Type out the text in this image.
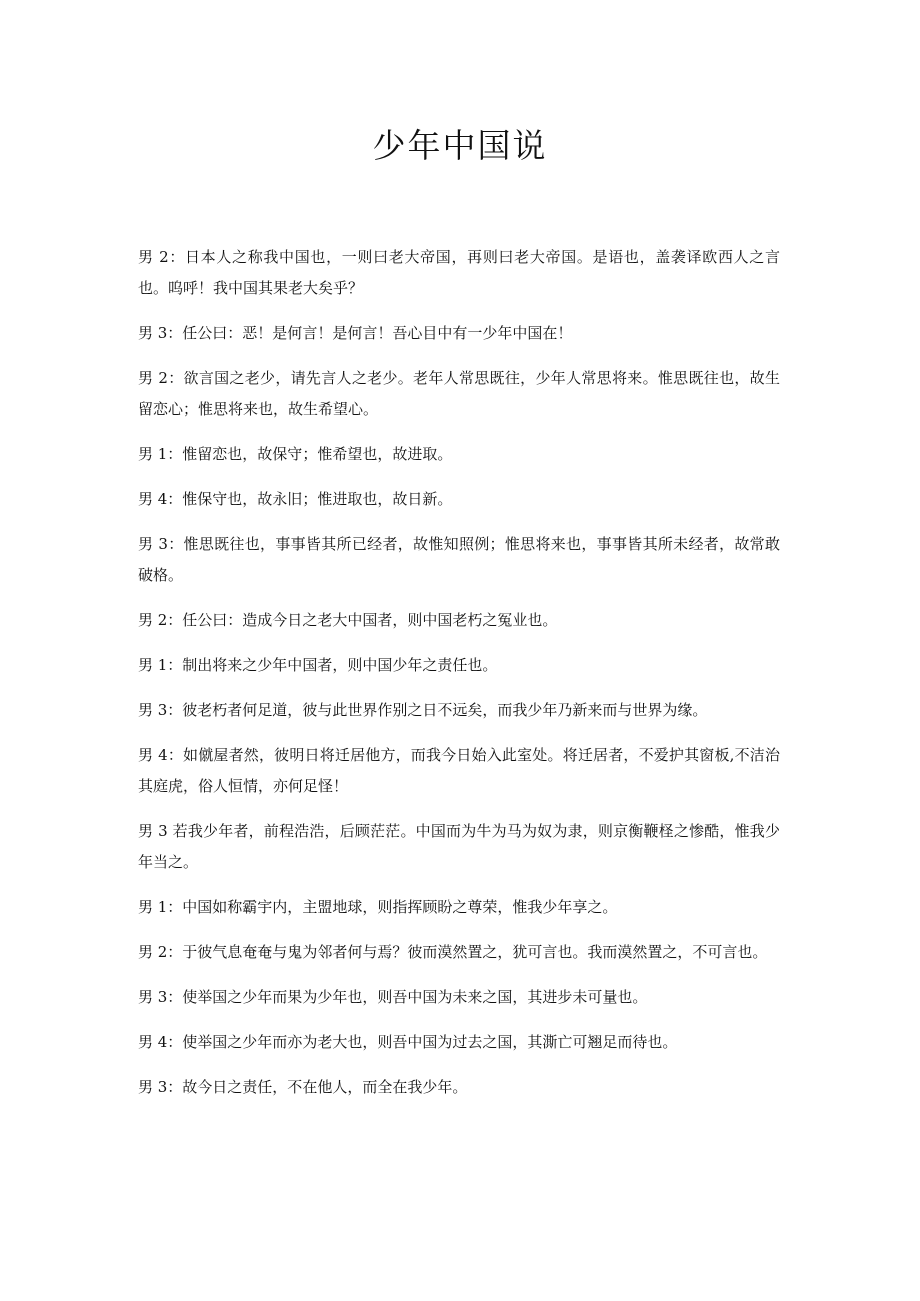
少年中国说

男 2：日本人之称我中国也，一则曰老大帝国，再则曰老大帝国。是语也，盖袭译欧西人之言也。呜呼！我中国其果老大矣乎？

男 3：任公曰：恶！是何言！是何言！吾心目中有一少年中国在！

男 2：欲言国之老少，请先言人之老少。老年人常思既往，少年人常思将来。惟思既往也，故生留恋心；惟思将来也，故生希望心。

男 1：惟留恋也，故保守；惟希望也，故进取。

男 4：惟保守也，故永旧；惟进取也，故日新。

男 3：惟思既往也，事事皆其所已经者，故惟知照例；惟思将来也，事事皆其所未经者，故常敢破格。

男 2：任公曰：造成今日之老大中国者，则中国老朽之冤业也。

男 1：制出将来之少年中国者，则中国少年之责任也。

男 3：彼老朽者何足道，彼与此世界作别之日不远矣，而我少年乃新来而与世界为缘。

男 4：如僦屋者然，彼明日将迁居他方，而我今日始入此室处。将迁居者，不爱护其窗板,不洁治其庭虎，俗人恒情，亦何足怪！

男 3 若我少年者，前程浩浩，后顾茫茫。中国而为牛为马为奴为隶，则京衡鞭柽之惨酷，惟我少年当之。

男 1：中国如称霸宇内，主盟地球，则指挥顾盼之尊荣，惟我少年享之。

男 2：于彼气息奄奄与鬼为邻者何与焉？彼而漠然置之，犹可言也。我而漠然置之，不可言也。

男 3：使举国之少年而果为少年也，则吾中国为未来之国，其进步未可量也。

男 4：使举国之少年而亦为老大也，则吾中国为过去之国，其澌亡可翘足而待也。

男 3：故今日之责任，不在他人，而全在我少年。
